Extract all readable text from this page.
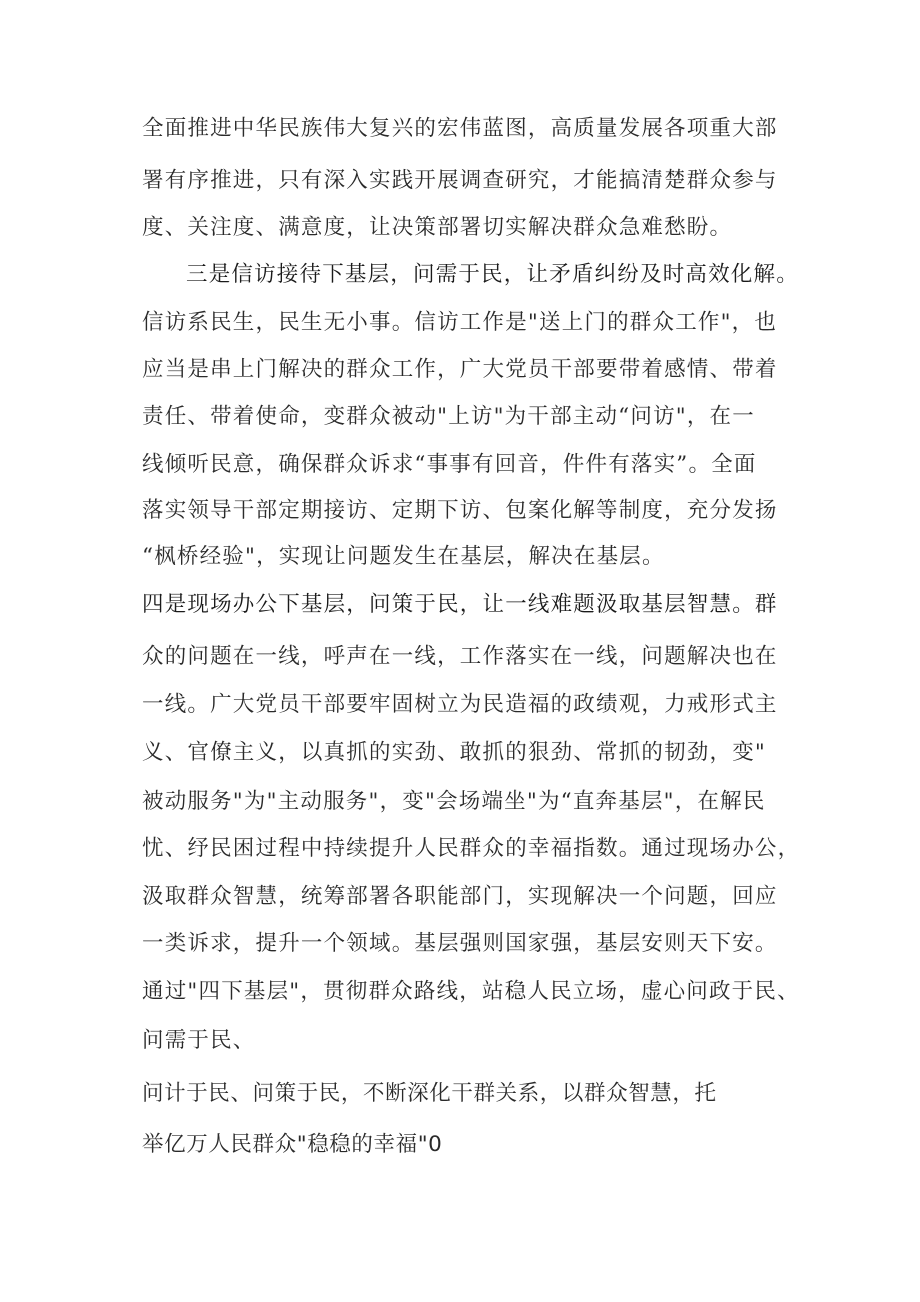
全面推进中华民族伟大复兴的宏伟蓝图，高质量发展各项重大部
署有序推进，只有深入实践开展调查研究，才能搞清楚群众参与
度、关注度、满意度，让决策部署切实解决群众急难愁盼。
三是信访接待下基层，问需于民，让矛盾纠纷及时高效化解。
信访系民生，民生无小事。信访工作是"送上门的群众工作"，也
应当是串上门解决的群众工作，广大党员干部要带着感情、带着
责任、带着使命，变群众被动"上访"为干部主动“问访"，在一
线倾听民意，确保群众诉求“事事有回音，件件有落实”。全面
落实领导干部定期接访、定期下访、包案化解等制度，充分发扬
“枫桥经验"，实现让问题发生在基层，解决在基层。
四是现场办公下基层，问策于民，让一线难题汲取基层智慧。群
众的问题在一线，呼声在一线，工作落实在一线，问题解决也在
一线。广大党员干部要牢固树立为民造福的政绩观，力戒形式主
义、官僚主义，以真抓的实劲、敢抓的狠劲、常抓的韧劲，变"
被动服务"为"主动服务"，变"会场端坐"为“直奔基层"，在解民
忧、纾民困过程中持续提升人民群众的幸福指数。通过现场办公，
汲取群众智慧，统筹部署各职能部门，实现解决一个问题，回应
一类诉求，提升一个领域。基层强则国家强，基层安则天下安。
通过"四下基层"，贯彻群众路线，站稳人民立场，虚心问政于民、
问需于民、
问计于民、问策于民，不断深化干群关系，以群众智慧，托
举亿万人民群众"稳稳的幸福"0
